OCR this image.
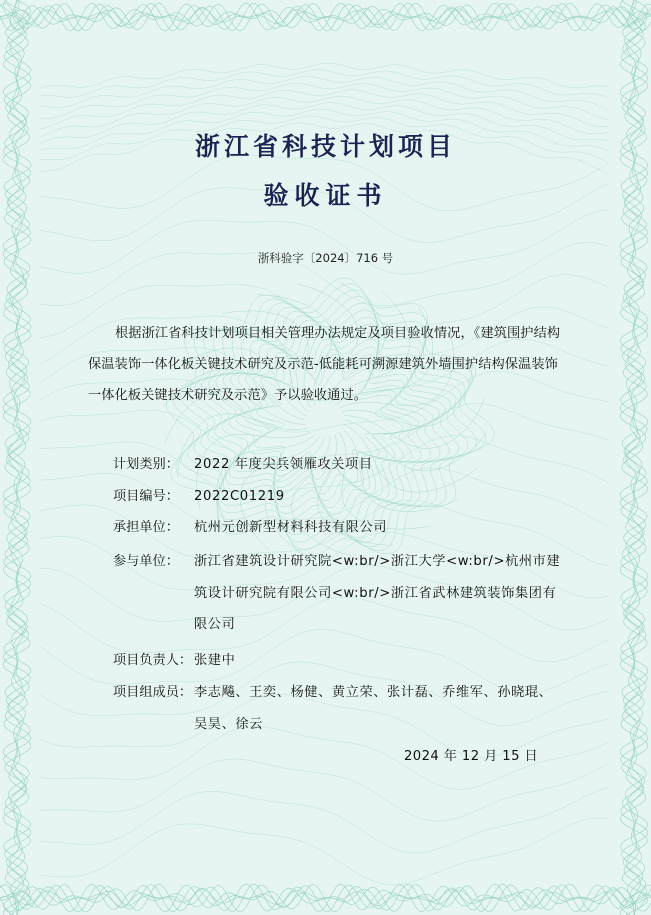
浙江省科技计划项目
验收证书
浙科验字〔2024〕716 号
根据浙江省科技计划项目相关管理办法规定及项目验收情况，《建筑围护结构保温装饰一体化板关键技术研究及示范-低能耗可溯源建筑外墙围护结构保温装饰一体化板关键技术研究及示范》予以验收通过。
计划类别：	2022 年度尖兵领雁攻关项目
项目编号：	2022C01219
承担单位：	杭州元创新型材料科技有限公司
参与单位：	浙江省建筑设计研究院<w:br/>浙江大学<w:br/>杭州市建筑设计研究院有限公司<w:br/>浙江省武林建筑装饰集团有限公司
项目负责人： 张建中
项目组成员： 李志飚、王奕、杨健、黄立荣、张计磊、乔维军、孙晓琨、吴昊、徐云
2024 年 12 月 15 日
